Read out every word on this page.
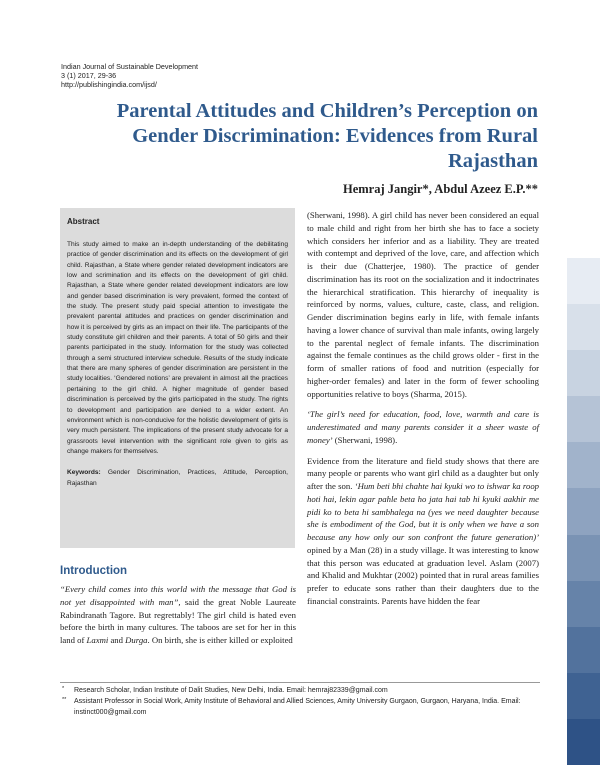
Indian Journal of Sustainable Development
3 (1) 2017, 29-36
http://publishingindia.com/ijsd/
Parental Attitudes and Children’s Perception on Gender Discrimination: Evidences from Rural Rajasthan
Hemraj Jangir*, Abdul Azeez E.P.**
Abstract
This study aimed to make an in-depth understanding of the debilitating practice of gender discrimination and its effects on the development of girl child. Rajasthan, a State where gender related development indicators are low and scrimination and its effects on the development of girl child. Rajasthan, a State where gender related development indicators are low and gender based discrimination is very prevalent, formed the context of the study. The present study paid special attention to investigate the prevalent parental attitudes and practices on gender discrimination and how it is perceived by girls as an impact on their life. The participants of the study constitute girl children and their parents. A total of 50 girls and their parents participated in the study. Information for the study was collected through a semi structured interview schedule. Results of the study indicate that there are many spheres of gender discrimination are persistent in the study localities. ‘Gendered notions’ are prevalent in almost all the practices pertaining to the girl child. A higher magnitude of gender based discrimination is perceived by the girls participated in the study. The rights to development and participation are denied to a wider extent. An environment which is non-conducive for the holistic development of girls is very much persistent. The implications of the present study advocate for a grassroots level intervention with the significant role given to girls as change makers for themselves.
Keywords: Gender Discrimination, Practices, Attitude, Perception, Rajasthan
Introduction
“Every child comes into this world with the message that God is not yet disappointed with man”, said the great Noble Laureate Rabindranath Tagore. But regrettably! The girl child is hated even before the birth in many cultures. The taboos are set for her in this land of Laxmi and Durga. On birth, she is either killed or exploited

(Sherwani, 1998). A girl child has never been considered an equal to male child and right from her birth she has to face a society which considers her inferior and as a liability. They are treated with contempt and deprived of the love, care, and affection which is their due (Chatterjee, 1980). The practice of gender discrimination has its root on the socialization and it indoctrinates the hierarchical stratification. This hierarchy of inequality is reinforced by norms, values, culture, caste, class, and religion. Gender discrimination begins early in life, with female infants having a lower chance of survival than male infants, owing largely to the parental neglect of female infants. The discrimination against the female continues as the child grows older - first in the form of smaller rations of food and nutrition (especially for higher-order females) and later in the form of fewer schooling opportunities relative to boys (Sharma, 2015).

‘The girl’s need for education, food, love, warmth and care is underestimated and many parents consider it a sheer waste of money’ (Sherwani, 1998).

Evidence from the literature and field study shows that there are many people or parents who want girl child as a daughter but only after the son. ‘Hum beti bhi chahte hai kyuki wo to ishwar ka roop hoti hai, lekin agar pahle beta ho jata hai tab hi kyuki aakhir me pidi ko to beta hi sambhalega na (yes we need daughter because she is embodiment of the God, but it is only when we have a son because any how only our son confront the future generation)’ opined by a Man (28) in a study village. It was interesting to know that this person was educated at graduation level. Aslam (2007) and Khalid and Mukhtar (2002) pointed that in rural areas families prefer to educate sons rather than their daughters due to the financial constraints. Parents have hidden the fear

*	Research Scholar, Indian Institute of Dalit Studies, New Delhi, India. Email: hemraj82339@gmail.com
**	Assistant Professor in Social Work, Amity Institute of Behavioral and Allied Sciences, Amity University Gurgaon, Gurgaon, Haryana, India. Email: instinct000@gmail.com
